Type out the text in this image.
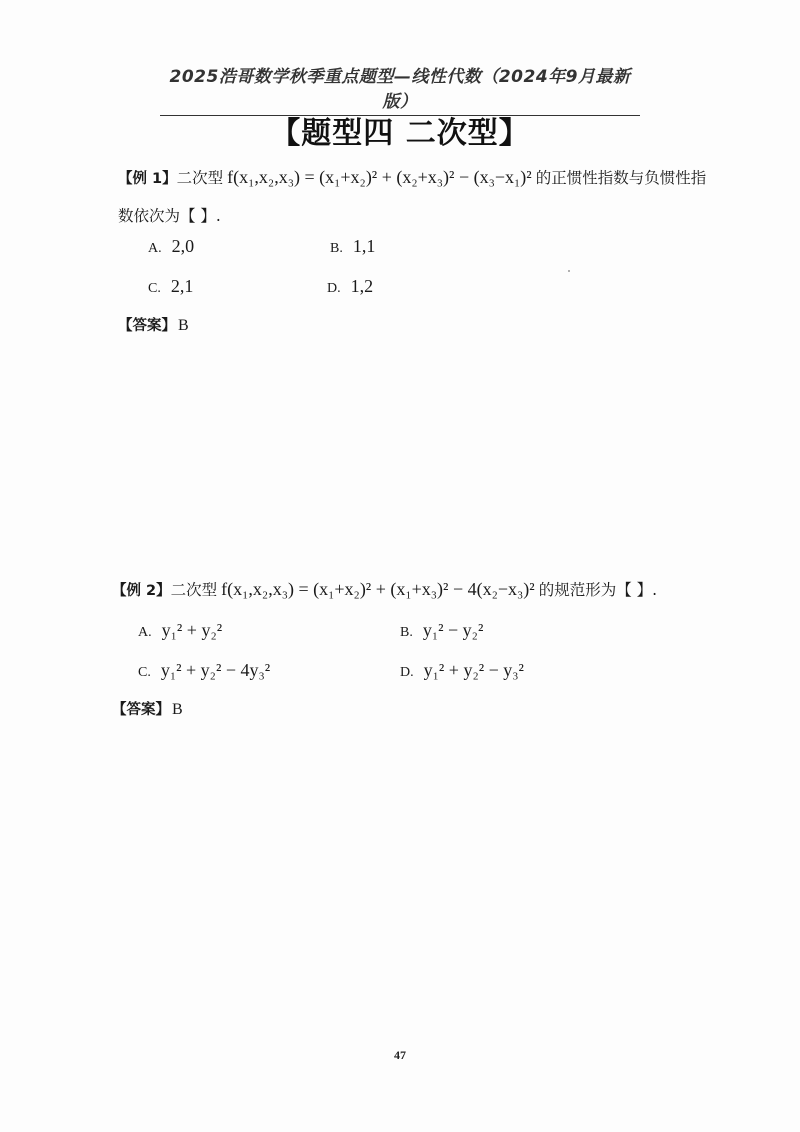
2025浩哥数学秋季重点题型—线性代数（2024年9月最新版）
【题型四 二次型】
【例 1】二次型 f(x₁,x₂,x₃) = (x₁+x₂)² + (x₂+x₃)² − (x₃−x₁)² 的正惯性指数与负惯性指
数依次为【 】.
A. 2,0	B. 1,1
C. 2,1	D. 1,2
【答案】 B
【例 2】二次型 f(x₁,x₂,x₃) = (x₁+x₂)² + (x₁+x₃)² − 4(x₂−x₃)² 的规范形为【 】.
A. y₁² + y₂²	B. y₁² − y₂²
C. y₁² + y₂² − 4y₃²	D. y₁² + y₂² − y₃²
【答案】 B
47
